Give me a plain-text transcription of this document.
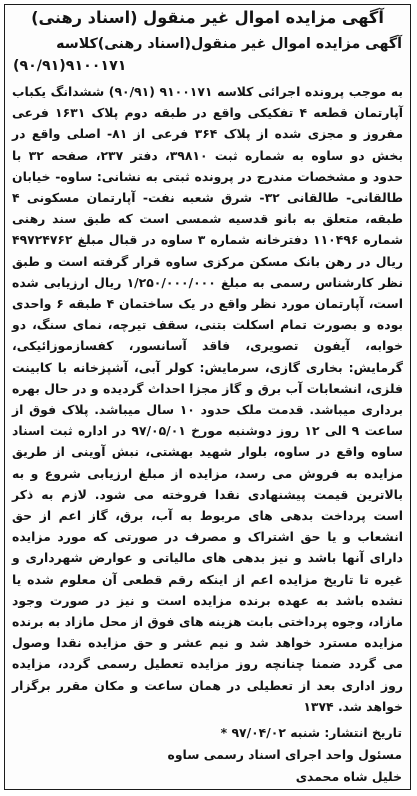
آگهی مزایده اموال غیر منقول (اسناد رهنی)
آگهی مزایده اموال غیر منقول(اسناد رهنی)کلاسه
(۹۰/۹۱)۹۱۰۰۱۷۱

به موجب پرونده اجرائی کلاسه ۹۱۰۰۱۷۱ (۹۰/۹۱) ششدانگ یکباب آپارتمان قطعه ۴ تفکیکی واقع در طبقه دوم پلاک ۱۶۳۱ فرعی مفروز و مجزی شده از پلاک ۳۶۴ فرعی از ۸۱- اصلی واقع در بخش دو ساوه به شماره ثبت ۳۹۸۱۰، دفتر ۲۳۷، صفحه ۳۲ با حدود و مشخصات مندرج در پرونده ثبتی به نشانی: ساوه- خیابان طالقانی- طالقانی ۳۲- شرق شعبه نفت- آپارتمان مسکونی ۴ طبقه، متعلق به بانو قدسیه شمسی است که طبق سند رهنی شماره ۱۱۰۴۹۶ دفترخانه شماره ۳ ساوه در قبال مبلغ ۴۹۷۲۴۷۶۲ ریال در رهن بانک مسکن مرکزی ساوه قرار گرفته است و طبق نظر کارشناس رسمی به مبلغ ۱/۲۵۰/۰۰۰/۰۰۰ ریال ارزیابی شده است، آپارتمان مورد نظر واقع در یک ساختمان ۴ طبقه ۶ واحدی بوده و بصورت تمام اسکلت بتنی، سقف تیرچه، نمای سنگ، دو خوابه، آیفون تصویری، فاقد آسانسور، کفسازموزائیکی، گرمایش: بخاری گازی، سرمایش: کولر آبی، آشپزخانه با کابینت فلزی، انشعابات آب برق و گاز مجزا احداث گردیده و در حال بهره برداری میباشد. قدمت ملک حدود ۱۰ سال میباشد. پلاک فوق از ساعت ۹ الی ۱۲ روز دوشنبه مورخ ۹۷/۰۵/۰۱ در اداره ثبت اسناد ساوه واقع در ساوه، بلوار شهید بهشتی، نبش آوینی از طریق مزایده به فروش می رسد، مزایده از مبلغ ارزیابی شروع و به بالاترین قیمت پیشنهادی نقدا فروخته می شود. لازم به ذکر است پرداخت بدهی های مربوط به آب، برق، گاز اعم از حق انشعاب و یا حق اشتراک و مصرف در صورتی که مورد مزایده دارای آنها باشد و نیز بدهی های مالیاتی و عوارض شهرداری و غیره تا تاریخ مزایده اعم از اینکه رقم قطعی آن معلوم شده یا نشده باشد به عهده برنده مزایده است و نیز در صورت وجود مازاد، وجوه پرداختی بابت هزینه های فوق از محل مازاد به برنده مزایده مسترد خواهد شد و نیم عشر و حق مزایده نقدا وصول می گردد ضمنا چنانچه روز مزایده تعطیل رسمی گردد، مزایده روز اداری بعد از تعطیلی در همان ساعت و مکان مقرر برگزار خواهد شد. ۱۳۷۴

تاریخ انتشار: شنبه ۹۷/۰۴/۰۲ *
مسئول واحد اجرای اسناد رسمی ساوه
خلیل شاه محمدی
